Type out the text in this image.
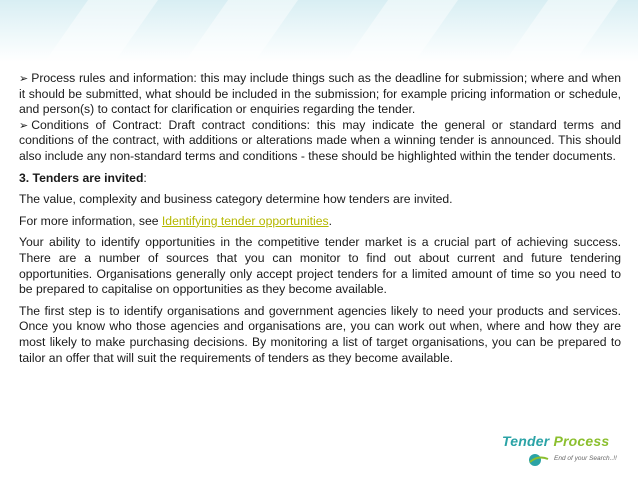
➢ Process rules and information: this may include things such as the deadline for submission; where and when it should be submitted, what should be included in the submission; for example pricing information or schedule, and person(s) to contact for clarification or enquiries regarding the tender.

➢ Conditions of Contract: Draft contract conditions: this may indicate the general or standard terms and conditions of the contract, with additions or alterations made when a winning tender is announced. This should also include any non-standard terms and conditions - these should be highlighted within the tender documents.

3. Tenders are invited:

The value, complexity and business category determine how tenders are invited.

For more information, see Identifying tender opportunities.

Your ability to identify opportunities in the competitive tender market is a crucial part of achieving success. There are a number of sources that you can monitor to find out about current and future tendering opportunities. Organisations generally only accept project tenders for a limited amount of time so you need to be prepared to capitalise on opportunities as they become available.

The first step is to identify organisations and government agencies likely to need your products and services. Once you know who those agencies and organisations are, you can work out when, where and how they are most likely to make purchasing decisions. By monitoring a list of target organisations, you can be prepared to tailor an offer that will suit the requirements of tenders as they become available.

Tender Process
End of your Search..!!
